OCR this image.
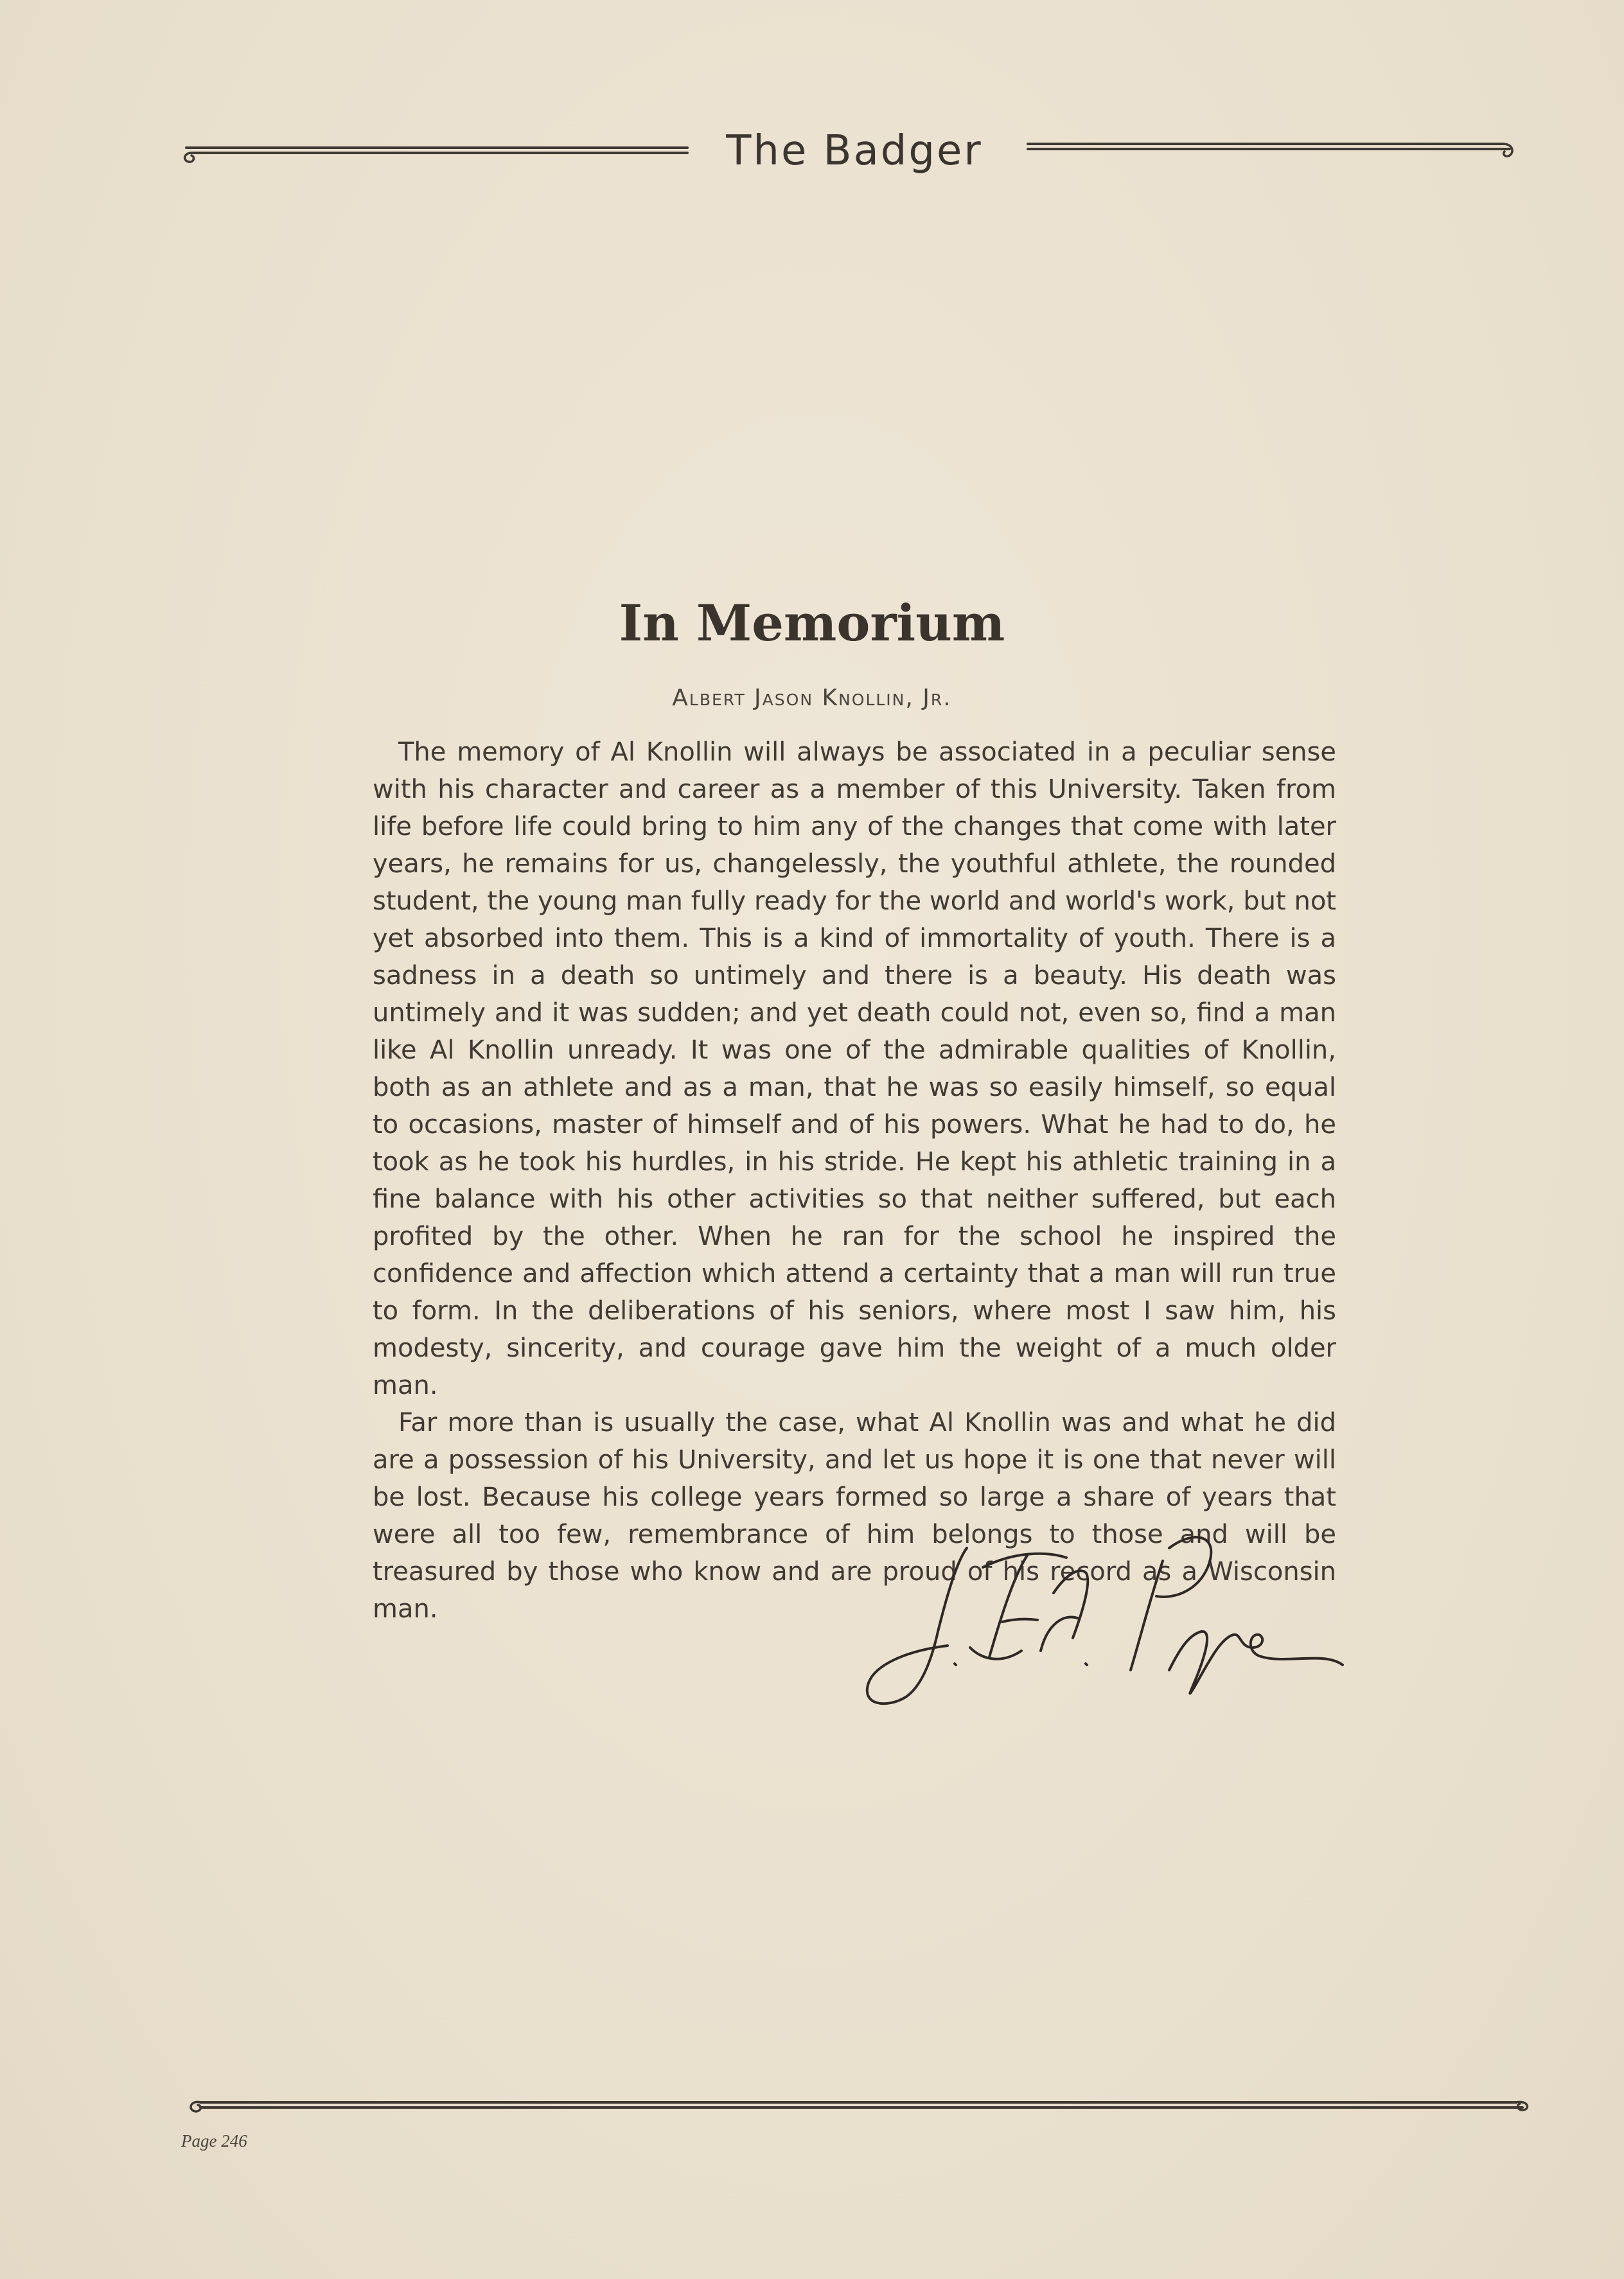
The Badger
In Memorium
Albert Jason Knollin, Jr.

The memory of Al Knollin will always be associated in a peculiar sense with his character and career as a member of this University. Taken from life before life could bring to him any of the changes that come with later years, he remains for us, changelessly, the youthful athlete, the rounded student, the young man fully ready for the world and world's work, but not yet absorbed into them. This is a kind of immortality of youth. There is a sadness in a death so untimely and there is a beauty. His death was untimely and it was sudden; and yet death could not, even so, find a man like Al Knollin unready. It was one of the admirable qualities of Knollin, both as an athlete and as a man, that he was so easily himself, so equal to occasions, master of himself and of his powers. What he had to do, he took as he took his hurdles, in his stride. He kept his athletic training in a fine balance with his other activities so that neither suffered, but each profited by the other. When he ran for the school he inspired the confidence and affection which attend a certainty that a man will run true to form. In the deliberations of his seniors, where most I saw him, his modesty, sincerity, and courage gave him the weight of a much older man.

Far more than is usually the case, what Al Knollin was and what he did are a possession of his University, and let us hope it is one that never will be lost. Because his college years formed so large a share of years that were all too few, remembrance of him belongs to those and will be treasured by those who know and are proud of his record as a Wisconsin man.

Page 246
